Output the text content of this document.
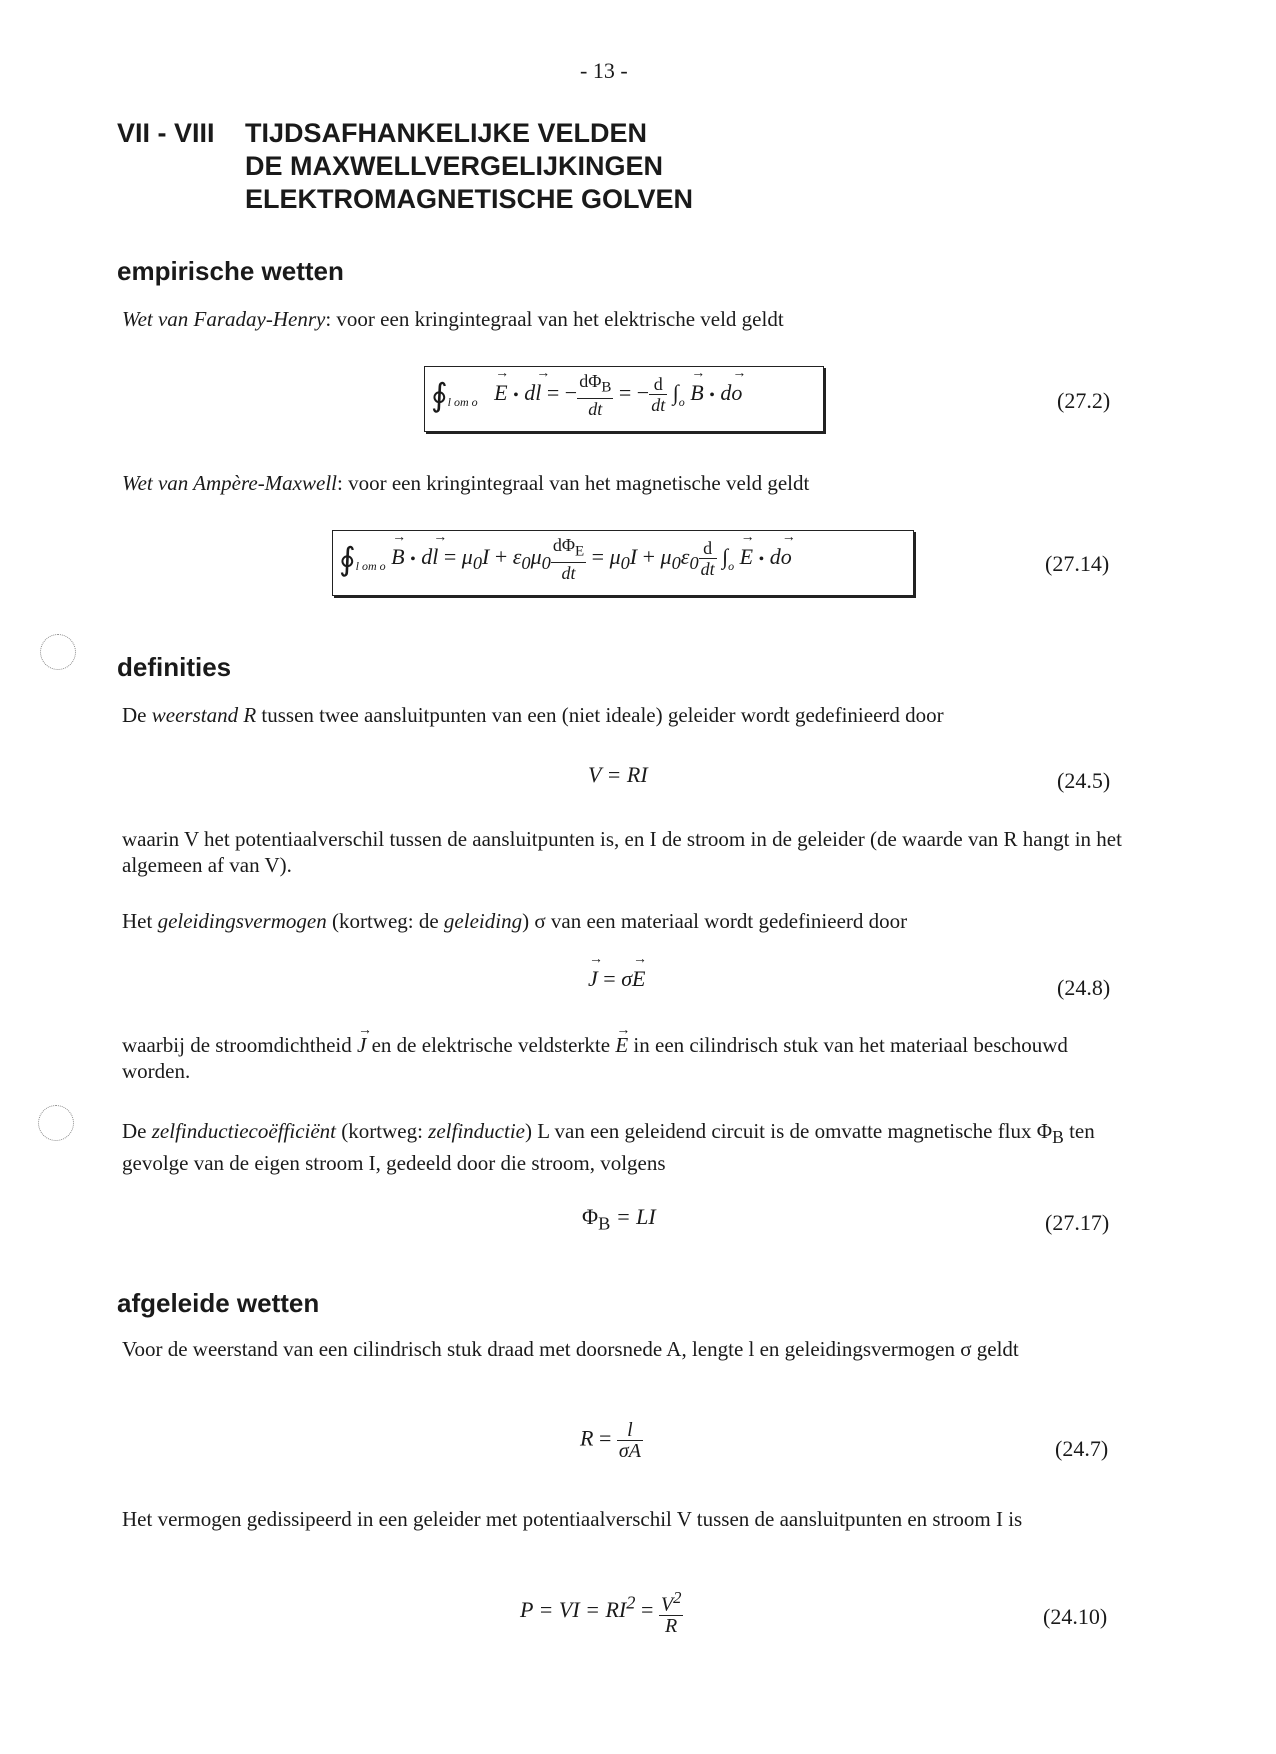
- 13 -
VII - VIII TIJDSAFHANKELIJKE VELDEN
DE MAXWELLVERGELIJKINGEN
ELEKTROMAGNETISCHE GOLVEN
empirische wetten
Wet van Faraday-Henry: voor een kringintegraal van het elektrische veld geldt
$∮_{l om o} \to E$ • d→ l = − $\frac{d\Phi_B}{dt}$ = − $\frac{d}{dt} \int_o \to B$ • d→ o	(27.2)
Wet van Ampère-Maxwell: voor een kringintegraal van het magnetische veld geldt
$∮_{l om o} \to B$ • $d\to l = \mu_0I + \varepsilon_0\mu_0 \frac{d\Phi_E}{dt} = \mu_0I + \mu_0\varepsilon_0 \frac{d}{dt} \int_o \to E$ • d→ o	(27.14)
definities
De weerstand R tussen twee aansluitpunten van een (niet ideale) geleider wordt gedefinieerd door
V = RI	(24.5)
waarin V het potentiaalverschil tussen de aansluitpunten is, en I de stroom in de geleider (de waarde van R hangt in het algemeen af van V).
Het geleidingsvermogen (kortweg: de geleiding) σ van een materiaal wordt gedefinieerd door
→ J = σ→ E	(24.8)
waarbij de stroomdichtheid → J en de elektrische veldsterkte → E in een cilindrisch stuk van het materiaal beschouwd worden.
De zelfinductiecoëfficiënt (kortweg: zelfinductie) L van een geleidend circuit is de omvatte magnetische flux $\Phi_B$ ten gevolge van de eigen stroom I, gedeeld door die stroom, volgens
$\Phi_B$ = LI	(27.17)
afgeleide wetten
Voor de weerstand van een cilindrisch stuk draad met doorsnede A, lengte l en geleidingsvermogen σ geldt
$R = \frac{l}{\sigma A}$	(24.7)
Het vermogen gedissipeerd in een geleider met potentiaalverschil V tussen de aansluitpunten en stroom I is
P = VI = $RI^2 = \frac{V^2}{R}$	(24.10)
